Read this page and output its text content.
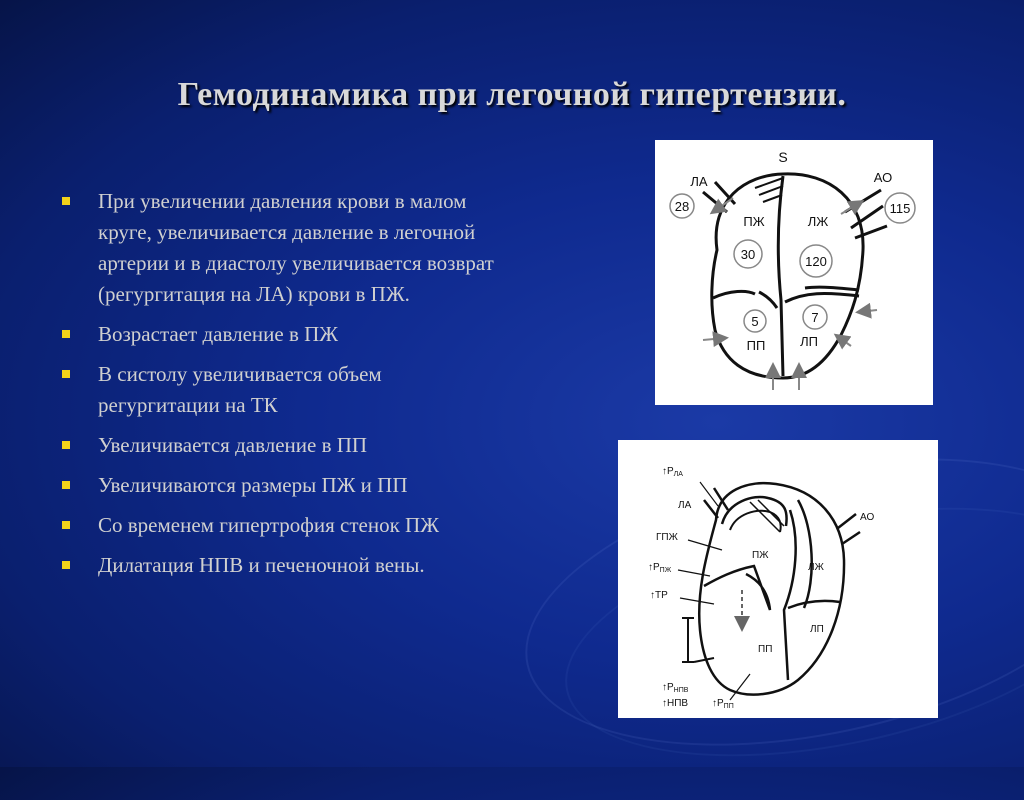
Гемодинамика при легочной гипертензии.
При увеличении давления крови в малом круге, увеличивается давление в легочной артерии и в диастолу увеличивается возврат (регургитация на ЛА) крови в ПЖ.
Возрастает давление в ПЖ
В систолу увеличивается объем регургитации на ТК
Увеличивается давление в ПП
Увеличиваются размеры ПЖ и ПП
Со временем гипертрофия стенок ПЖ
Дилатация НПВ и печеночной вены.
S
ЛА	АО
28	115
ПЖ	ЛЖ
30	120
5	7
ПП	ЛП
$↑Р_{ЛА}$
ЛА
ГПЖ
$↑Р_{ПЖ}$
↑ТР
$↑Р_{НПВ}$
↑НПВ $↑Р_{ПП}$
АО
ПЖ
ЛЖ
ЛП
ПП
